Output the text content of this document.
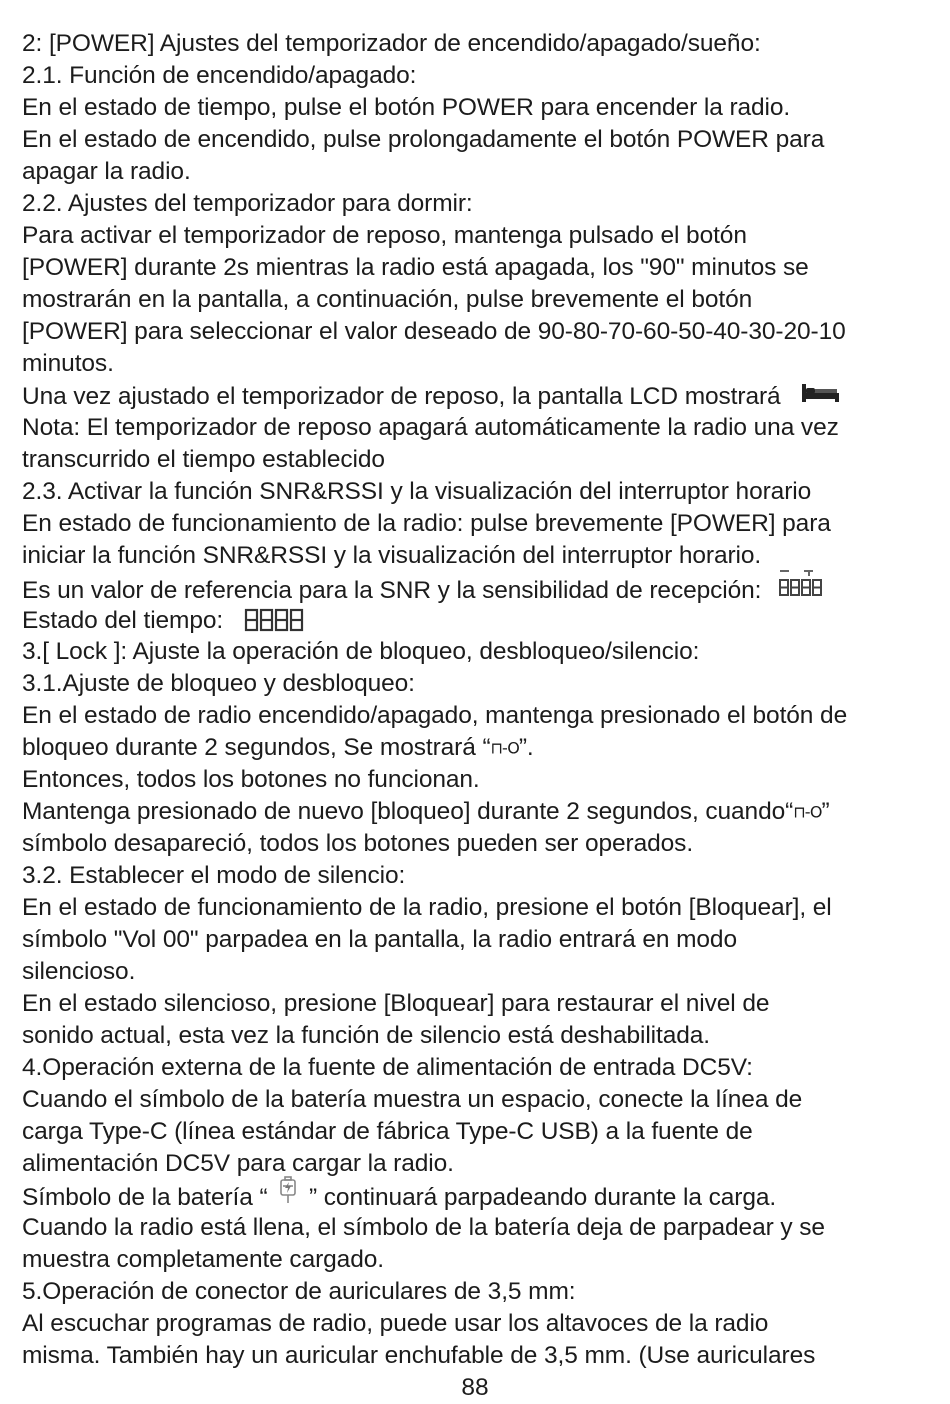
2: [POWER] Ajustes del temporizador de encendido/apagado/sueño:
2.1. Función de encendido/apagado:
En el estado de tiempo, pulse el botón POWER para encender la radio.
En el estado de encendido, pulse prolongadamente el botón POWER para
apagar la radio.
2.2. Ajustes del temporizador para dormir:
Para activar el temporizador de reposo, mantenga pulsado el botón
[POWER] durante 2s mientras la radio está apagada, los "90" minutos se
mostrarán en la pantalla, a continuación, pulse brevemente el botón
[POWER] para seleccionar el valor deseado de 90-80-70-60-50-40-30-20-10
minutos.
Una vez ajustado el temporizador de reposo, la pantalla LCD mostrará
Nota: El temporizador de reposo apagará automáticamente la radio una vez
transcurrido el tiempo establecido
2.3. Activar la función SNR&RSSI y la visualización del interruptor horario
En estado de funcionamiento de la radio: pulse brevemente [POWER] para
iniciar la función SNR&RSSI y la visualización del interruptor horario.
Es un valor de referencia para la SNR y la sensibilidad de recepción:
Estado del tiempo:
3.[ Lock ]: Ajuste la operación de bloqueo, desbloqueo/silencio:
3.1.Ajuste de bloqueo y desbloqueo:
En el estado de radio encendido/apagado, mantenga presionado el botón de
bloqueo durante 2 segundos, Se mostrará “⊓-O”.
Entonces, todos los botones no funcionan.
Mantenga presionado de nuevo [bloqueo] durante 2 segundos, cuando“⊓-O”
símbolo desapareció, todos los botones pueden ser operados.
3.2. Establecer el modo de silencio:
En el estado de funcionamiento de la radio, presione el botón [Bloquear], el
símbolo "Vol 00" parpadea en la pantalla, la radio entrará en modo
silencioso.
En el estado silencioso, presione [Bloquear] para restaurar el nivel de
sonido actual, esta vez la función de silencio está deshabilitada.
4.Operación externa de la fuente de alimentación de entrada DC5V:
Cuando el símbolo de la batería muestra un espacio, conecte la línea de
carga Type-C (línea estándar de fábrica Type-C USB) a la fuente de
alimentación DC5V para cargar la radio.
Símbolo de la batería “ ” continuará parpadeando durante la carga.
Cuando la radio está llena, el símbolo de la batería deja de parpadear y se
muestra completamente cargado.
5.Operación de conector de auriculares de 3,5 mm:
Al escuchar programas de radio, puede usar los altavoces de la radio
misma. También hay un auricular enchufable de 3,5 mm. (Use auriculares
88
